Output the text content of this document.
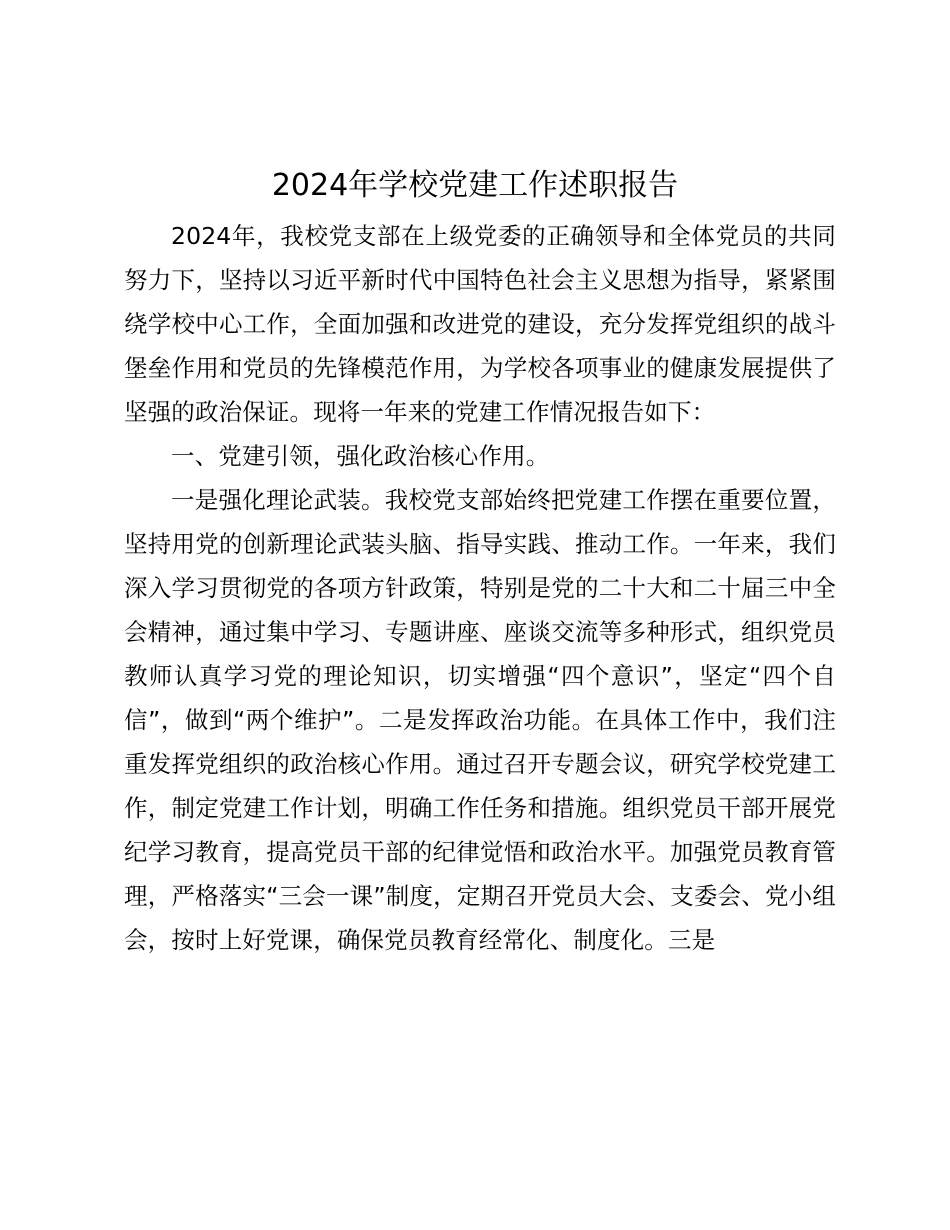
2024年学校党建工作述职报告

2024年，我校党支部在上级党委的正确领导和全体党员的共同努力下，坚持以习近平新时代中国特色社会主义思想为指导，紧紧围绕学校中心工作，全面加强和改进党的建设，充分发挥党组织的战斗堡垒作用和党员的先锋模范作用，为学校各项事业的健康发展提供了坚强的政治保证。现将一年来的党建工作情况报告如下：

一、党建引领，强化政治核心作用。

一是强化理论武装。我校党支部始终把党建工作摆在重要位置，坚持用党的创新理论武装头脑、指导实践、推动工作。一年来，我们深入学习贯彻党的各项方针政策，特别是党的二十大和二十届三中全会精神，通过集中学习、专题讲座、座谈交流等多种形式，组织党员教师认真学习党的理论知识，切实增强“四个意识”，坚定“四个自信”，做到“两个维护”。二是发挥政治功能。在具体工作中，我们注重发挥党组织的政治核心作用。通过召开专题会议，研究学校党建工作，制定党建工作计划，明确工作任务和措施。组织党员干部开展党纪学习教育，提高党员干部的纪律觉悟和政治水平。加强党员教育管理，严格落实“三会一课”制度，定期召开党员大会、支委会、党小组会，按时上好党课，确保党员教育经常化、制度化。三是
